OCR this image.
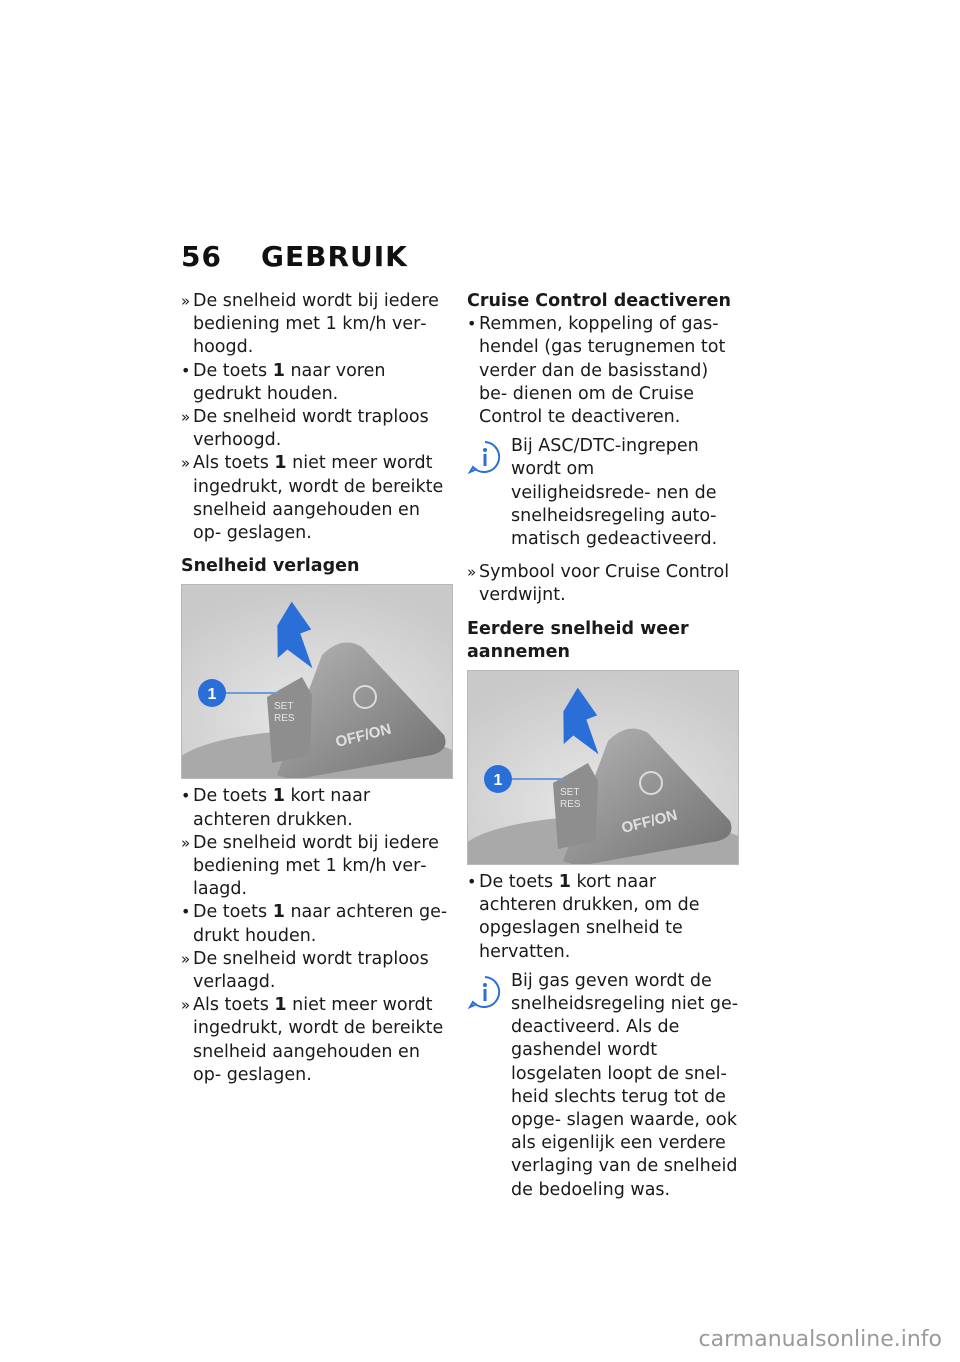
56 GEBRUIK

» De snelheid wordt bij iedere bediening met 1 km/h ver‑ hoogd.

• De toets 1 naar voren gedrukt houden.

» De snelheid wordt traploos verhoogd.

» Als toets 1 niet meer wordt ingedrukt, wordt de bereikte snelheid aangehouden en op‑ geslagen.

Snelheid verlagen
SET
RES
OFF/ON
1

• De toets 1 kort naar achteren drukken.

» De snelheid wordt bij iedere bediening met 1 km/h ver‑ laagd.

• De toets 1 naar achteren ge‑ drukt houden.

» De snelheid wordt traploos verlaagd.

» Als toets 1 niet meer wordt ingedrukt, wordt de bereikte snelheid aangehouden en op‑ geslagen.

Cruise Control deactiveren

• Remmen, koppeling of gas‑ hendel (gas terugnemen tot verder dan de basisstand) be‑ dienen om de Cruise Control te deactiveren.

Bij ASC/DTC‑ingrepen wordt om veiligheidsrede‑ nen de snelheidsregeling auto‑ matisch gedeactiveerd.

» Symbool voor Cruise Control verdwijnt.

Eerdere snelheid weer aannemen
SET
RES
OFF/ON
1

• De toets 1 kort naar achteren drukken, om de opgeslagen snelheid te hervatten.

Bij gas geven wordt de snelheidsregeling niet ge‑ deactiveerd. Als de gashendel wordt losgelaten loopt de snel‑ heid slechts terug tot de opge‑ slagen waarde, ook als eigenlijk een verdere verlaging van de snelheid de bedoeling was.
carmanualsonline.info
